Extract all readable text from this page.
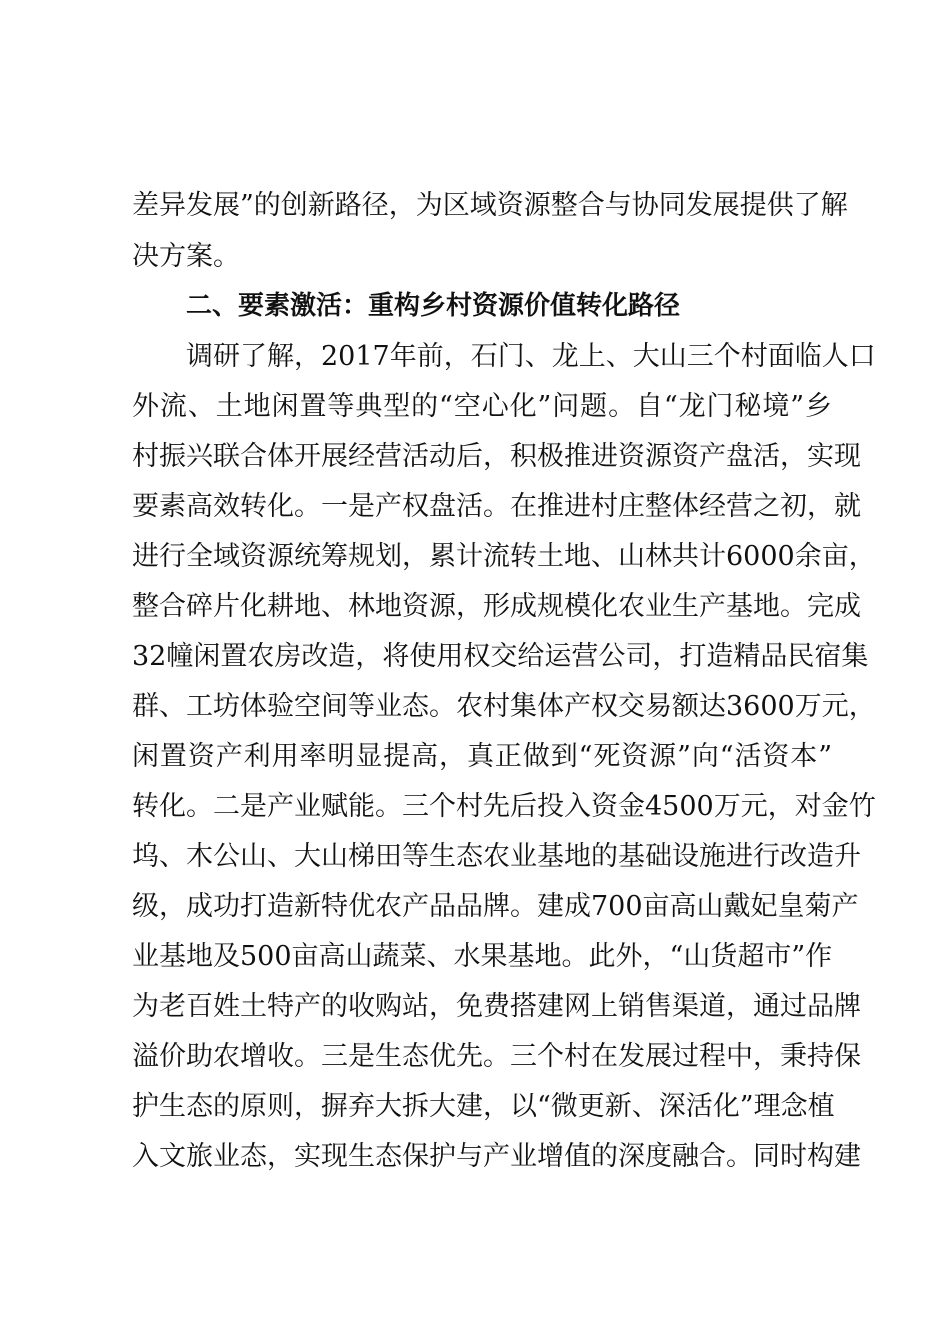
差异发展”的创新路径，为区域资源整合与协同发展提供了解
决方案。
二、要素激活：重构乡村资源价值转化路径
调研了解，2017年前，石门、龙上、大山三个村面临人口
外流、土地闲置等典型的“空心化”问题。自“龙门秘境”乡
村振兴联合体开展经营活动后，积极推进资源资产盘活，实现
要素高效转化。一是产权盘活。在推进村庄整体经营之初，就
进行全域资源统筹规划，累计流转土地、山林共计6000余亩，
整合碎片化耕地、林地资源，形成规模化农业生产基地。完成
32幢闲置农房改造，将使用权交给运营公司，打造精品民宿集
群、工坊体验空间等业态。农村集体产权交易额达3600万元，
闲置资产利用率明显提高，真正做到“死资源”向“活资本”
转化。二是产业赋能。三个村先后投入资金4500万元，对金竹
坞、木公山、大山梯田等生态农业基地的基础设施进行改造升
级，成功打造新特优农产品品牌。建成700亩高山戴妃皇菊产
业基地及500亩高山蔬菜、水果基地。此外，“山货超市”作
为老百姓土特产的收购站，免费搭建网上销售渠道，通过品牌
溢价助农增收。三是生态优先。三个村在发展过程中，秉持保
护生态的原则，摒弃大拆大建，以“微更新、深活化”理念植
入文旅业态，实现生态保护与产业增值的深度融合。同时构建
